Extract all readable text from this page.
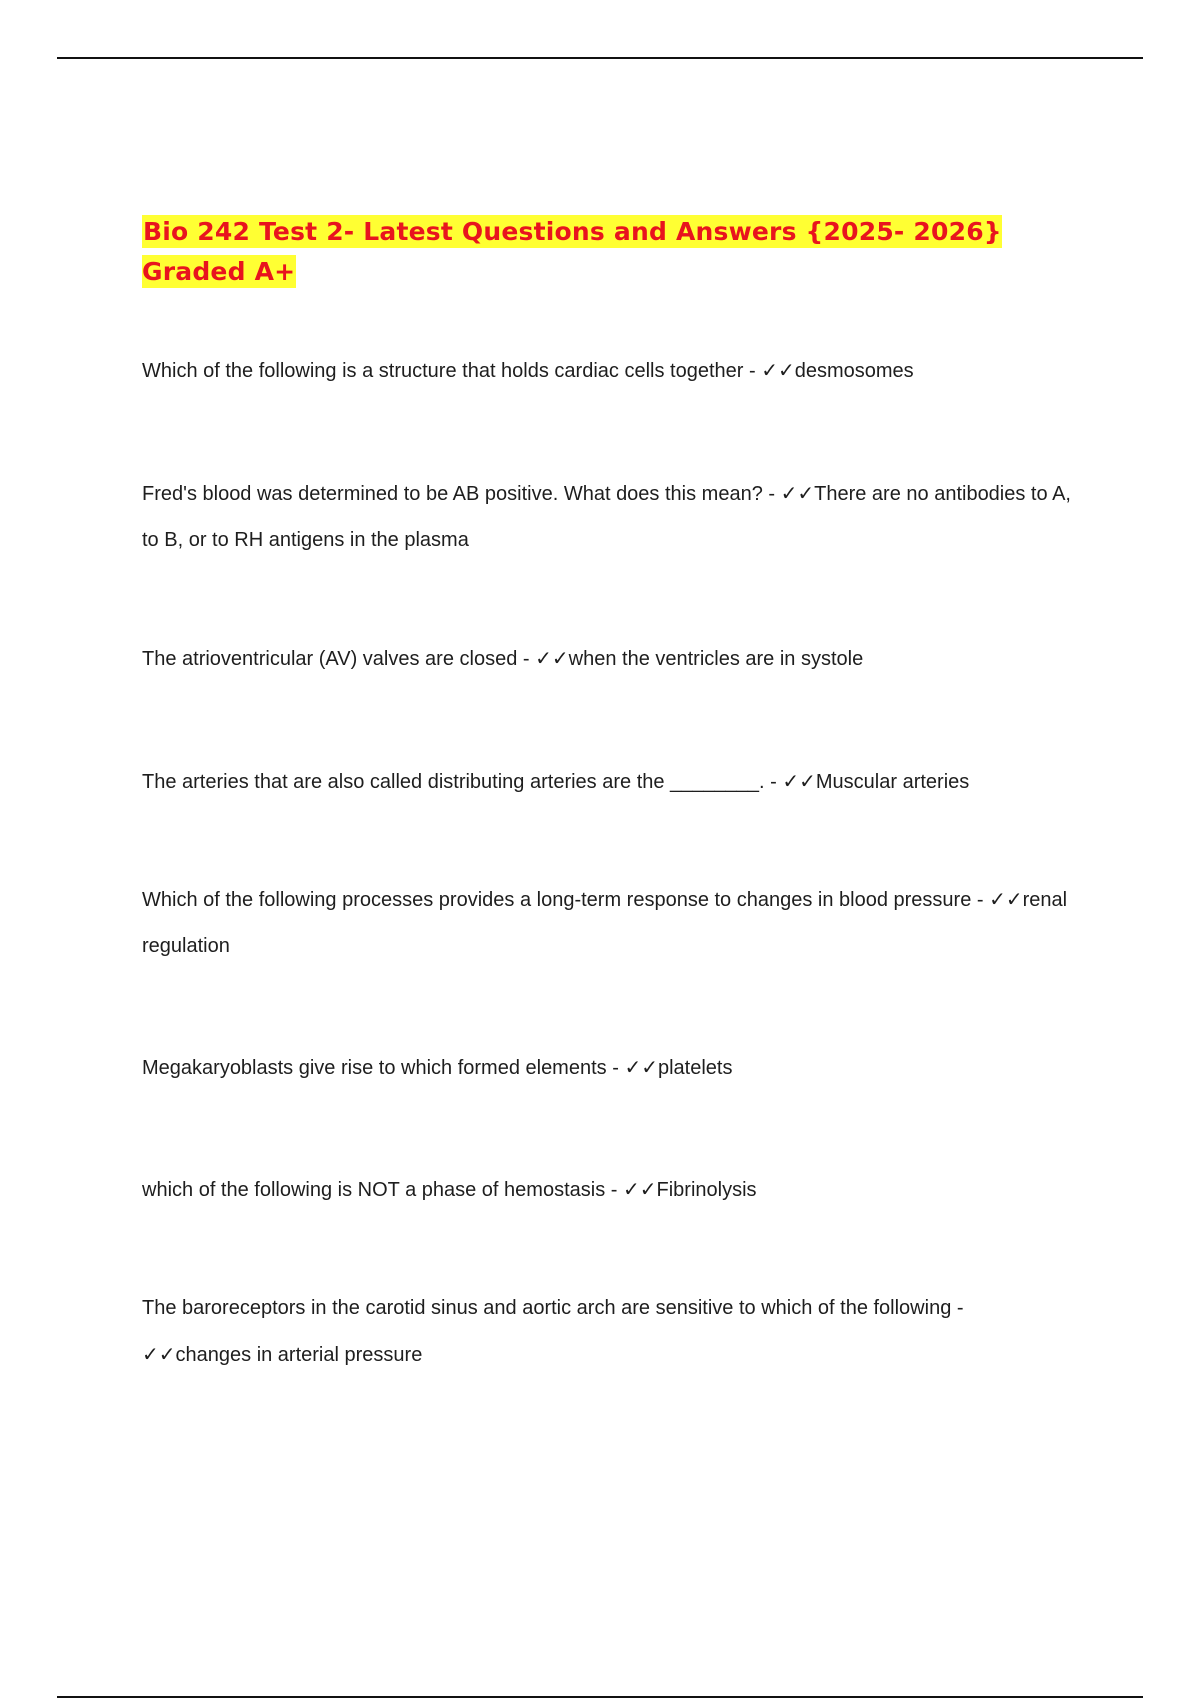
Bio 242 Test 2- Latest Questions and Answers {2025- 2026} Graded A+

Which of the following is a structure that holds cardiac cells together - ✓✓desmosomes

Fred's blood was determined to be AB positive. What does this mean? - ✓✓There are no antibodies to A, to B, or to RH antigens in the plasma

The atrioventricular (AV) valves are closed - ✓✓when the ventricles are in systole

The arteries that are also called distributing arteries are the ________. - ✓✓Muscular arteries

Which of the following processes provides a long-term response to changes in blood pressure - ✓✓renal regulation

Megakaryoblasts give rise to which formed elements - ✓✓platelets

which of the following is NOT a phase of hemostasis - ✓✓Fibrinolysis

The baroreceptors in the carotid sinus and aortic arch are sensitive to which of the following - ✓✓changes in arterial pressure
